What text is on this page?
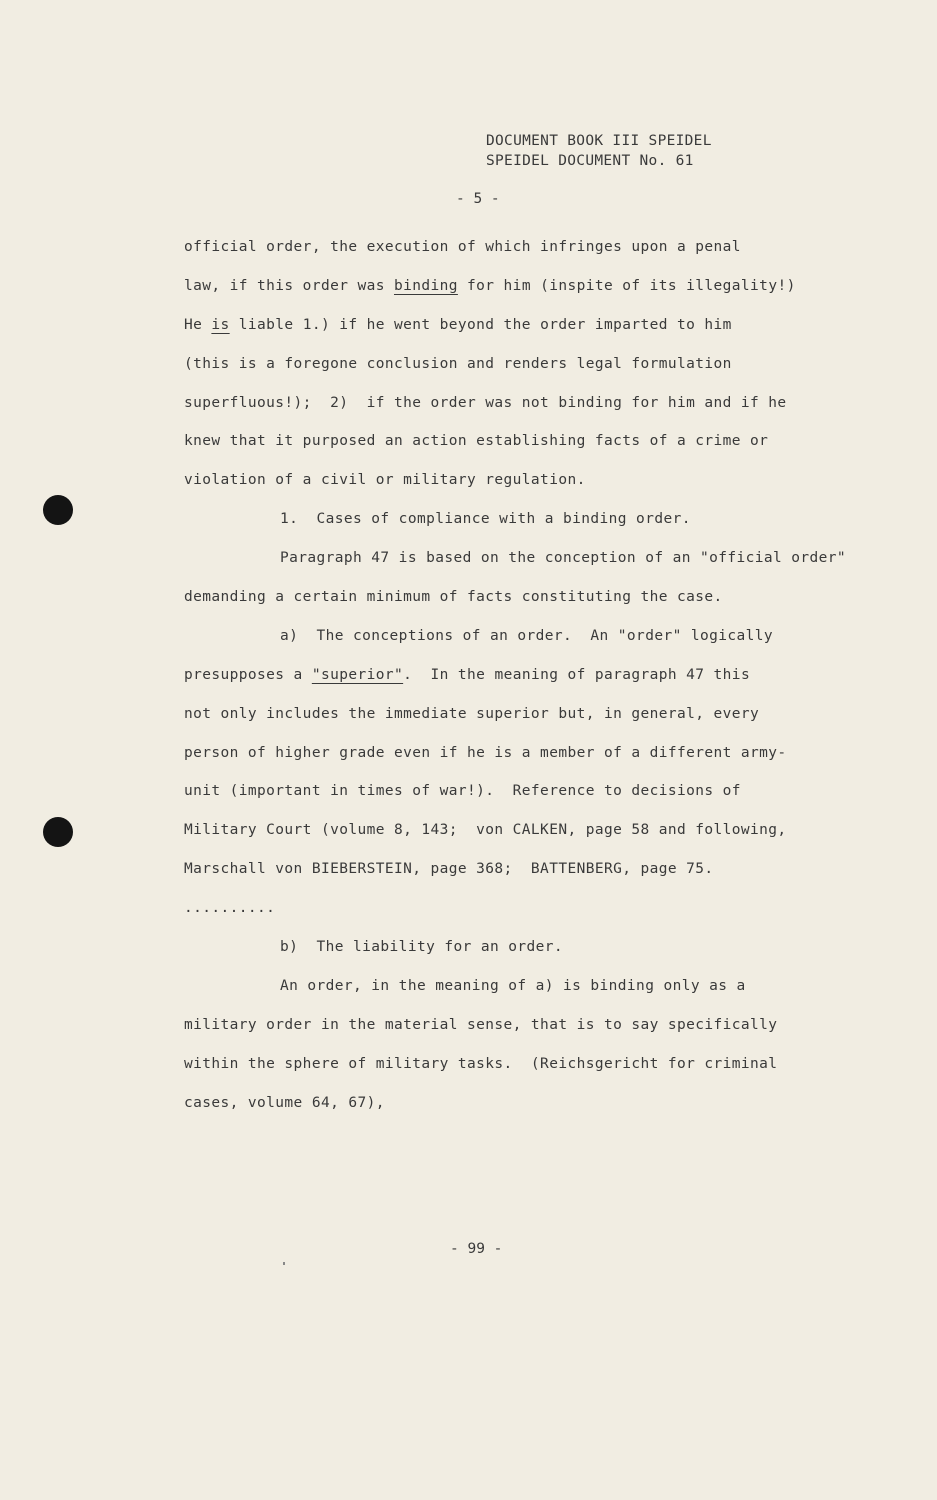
DOCUMENT BOOK III SPEIDEL
SPEIDEL DOCUMENT No. 61
- 5 -
official order, the execution of which infringes upon a penal
law, if this order was binding for him (inspite of its illegality!)
He is liable 1.) if he went beyond the order imparted to him
(this is a foregone conclusion and renders legal formulation
superfluous!);  2)  if the order was not binding for him and if he
knew that it purposed an action establishing facts of a crime or
violation of a civil or military regulation.
1.  Cases of compliance with a binding order.
Paragraph 47 is based on the conception of an "official order"
demanding a certain minimum of facts constituting the case.
a)  The conceptions of an order.  An "order" logically
presupposes a "superior".  In the meaning of paragraph 47 this
not only includes the immediate superior but, in general, every
person of higher grade even if he is a member of a different army-
unit (important in times of war!).  Reference to decisions of
Military Court (volume 8, 143;  von CALKEN, page 58 and following,
Marschall von BIEBERSTEIN, page 368;  BATTENBERG, page 75.
..........
b)  The liability for an order.
An order, in the meaning of a) is binding only as a
military order in the material sense, that is to say specifically
within the sphere of military tasks.  (Reichsgericht for criminal
cases, volume 64, 67),
- 99 -
